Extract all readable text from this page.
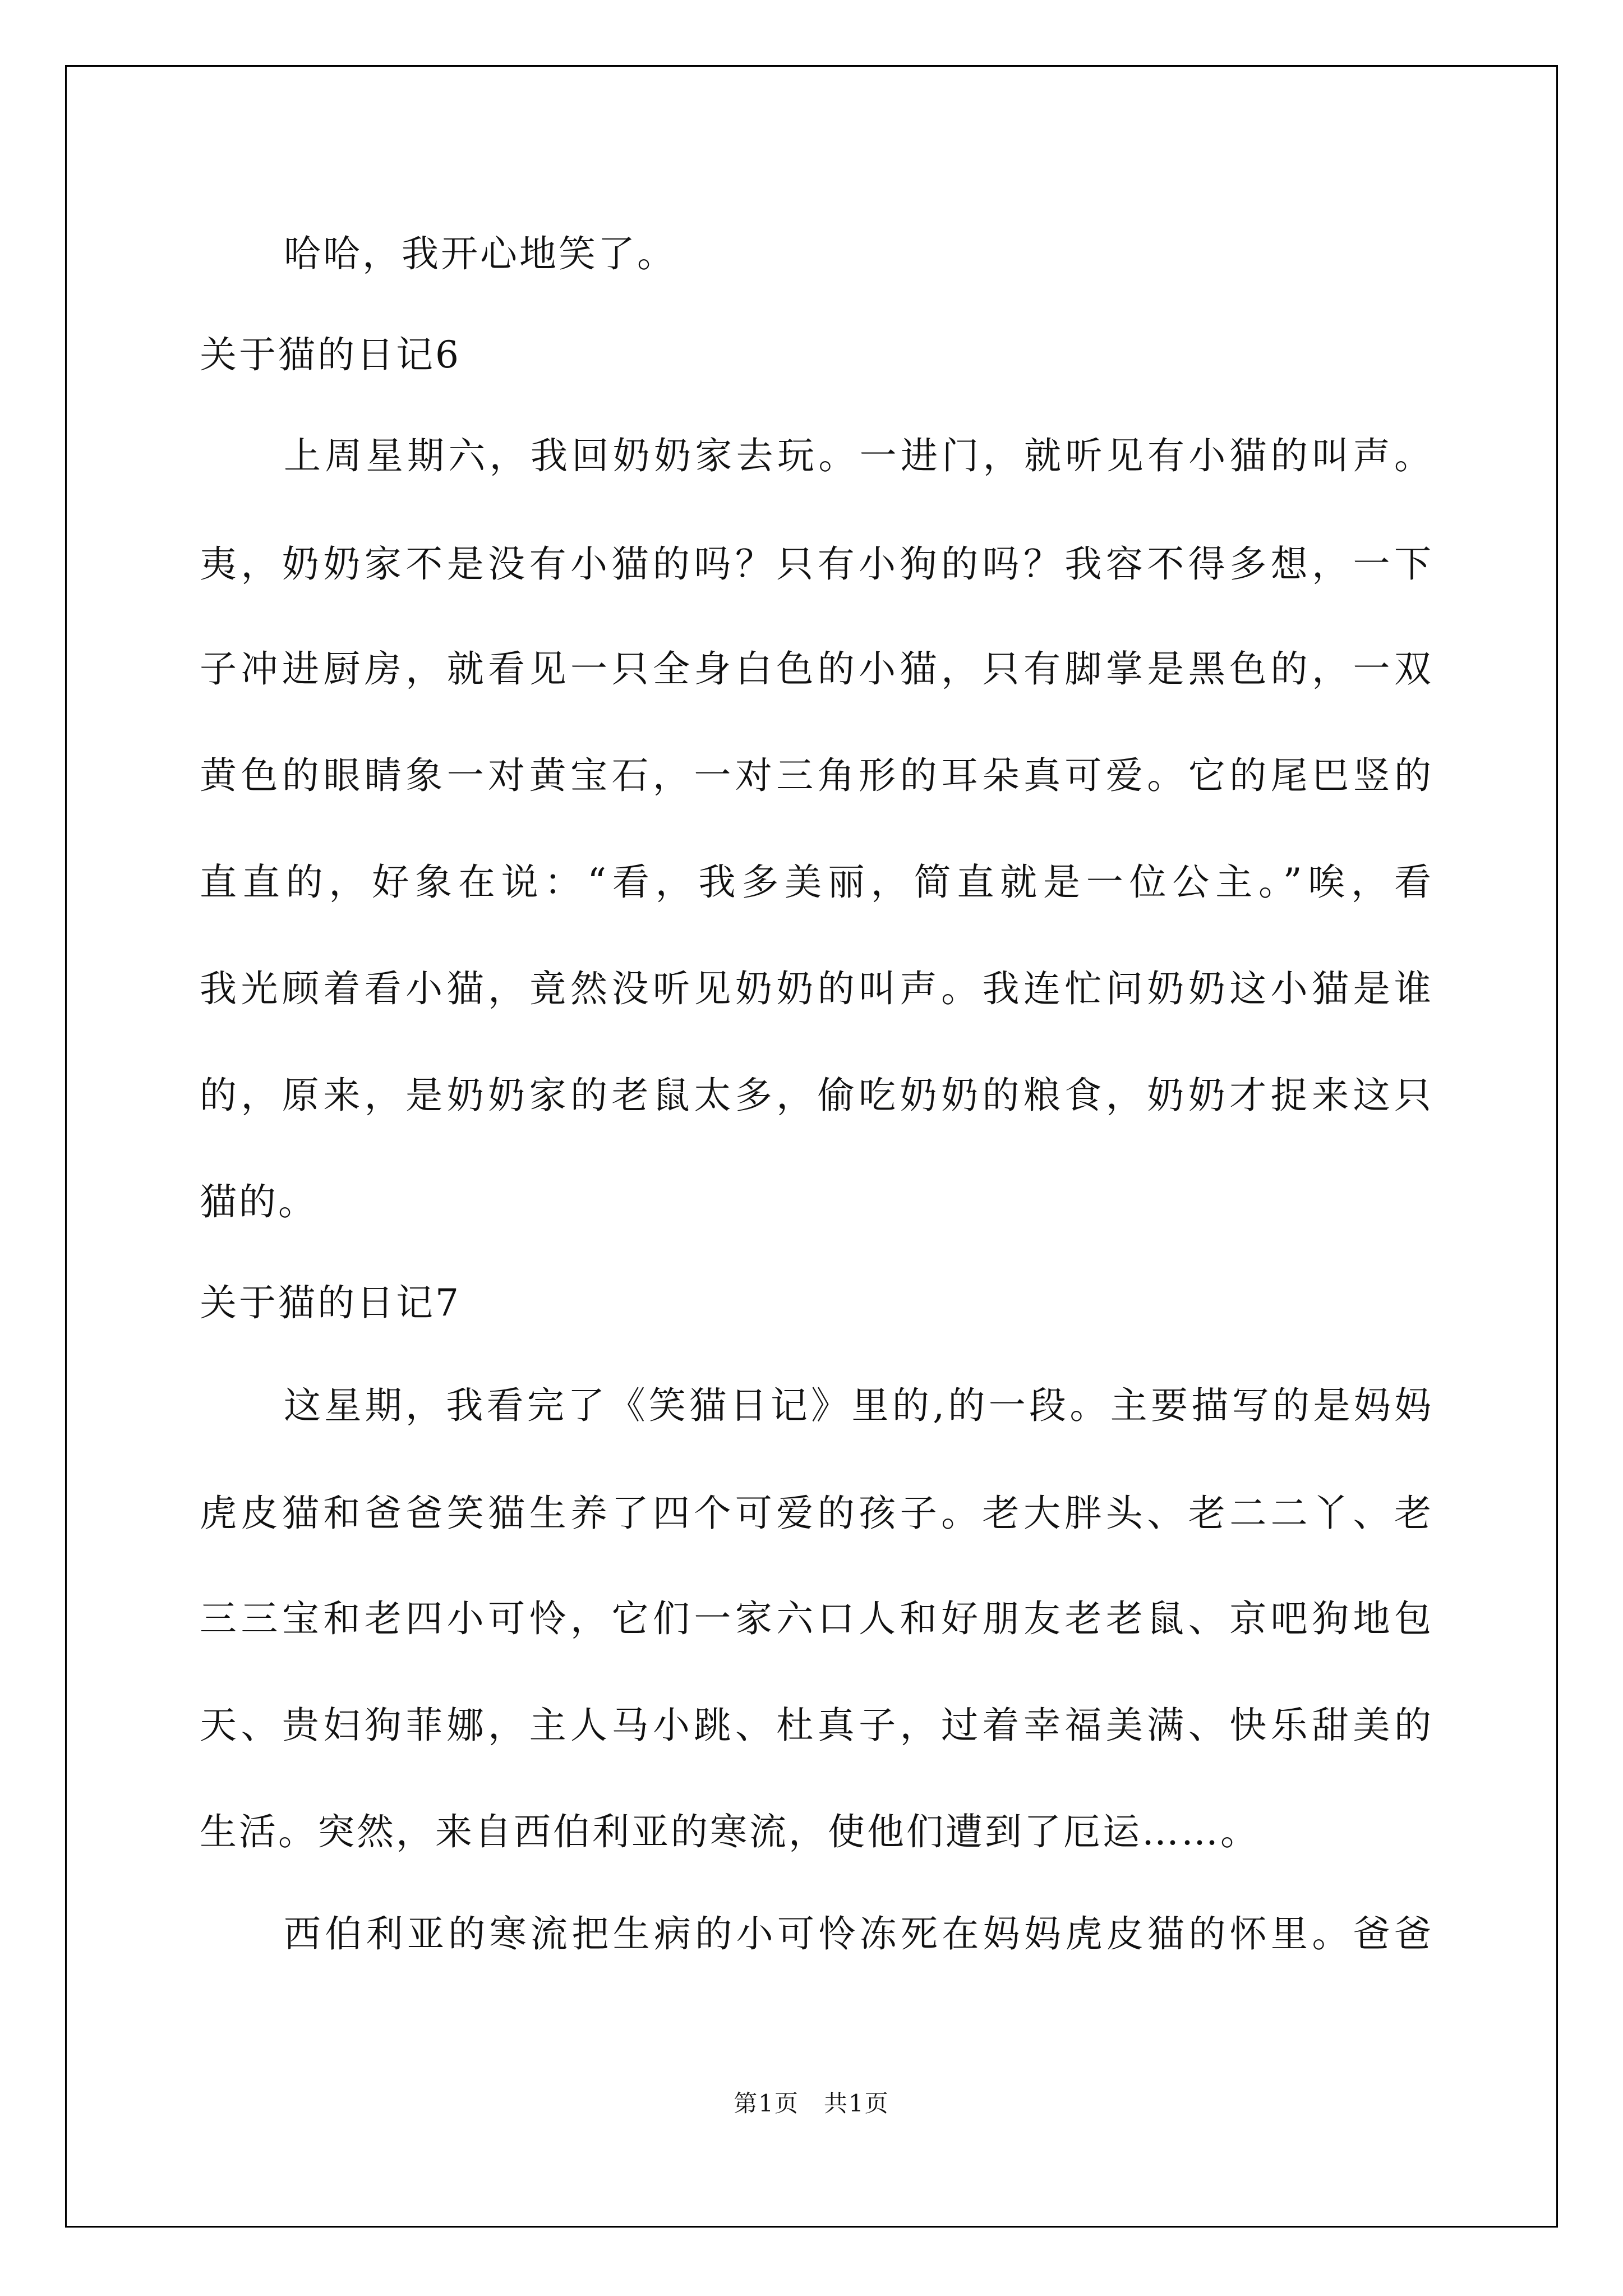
哈哈，我开心地笑了。
关于猫的日记6
上周星期六，我回奶奶家去玩。一进门，就听见有小猫的叫声。
夷，奶奶家不是没有小猫的吗？只有小狗的吗？我容不得多想，一下
子冲进厨房，就看见一只全身白色的小猫，只有脚掌是黑色的，一双
黄色的眼睛象一对黄宝石，一对三角形的耳朵真可爱。它的尾巴竖的
直直的，好象在说：“看，我多美丽，简直就是一位公主。”唉，看
我光顾着看小猫，竟然没听见奶奶的叫声。我连忙问奶奶这小猫是谁
的，原来，是奶奶家的老鼠太多，偷吃奶奶的粮食，奶奶才捉来这只
猫的。
关于猫的日记7
这星期，我看完了《笑猫日记》里的,的一段。主要描写的是妈妈
虎皮猫和爸爸笑猫生养了四个可爱的孩子。老大胖头、老二二丫、老
三三宝和老四小可怜，它们一家六口人和好朋友老老鼠、京吧狗地包
天、贵妇狗菲娜，主人马小跳、杜真子，过着幸福美满、快乐甜美的
生活。突然，来自西伯利亚的寒流，使他们遭到了厄运……。
西伯利亚的寒流把生病的小可怜冻死在妈妈虎皮猫的怀里。爸爸
第1页　共1页
